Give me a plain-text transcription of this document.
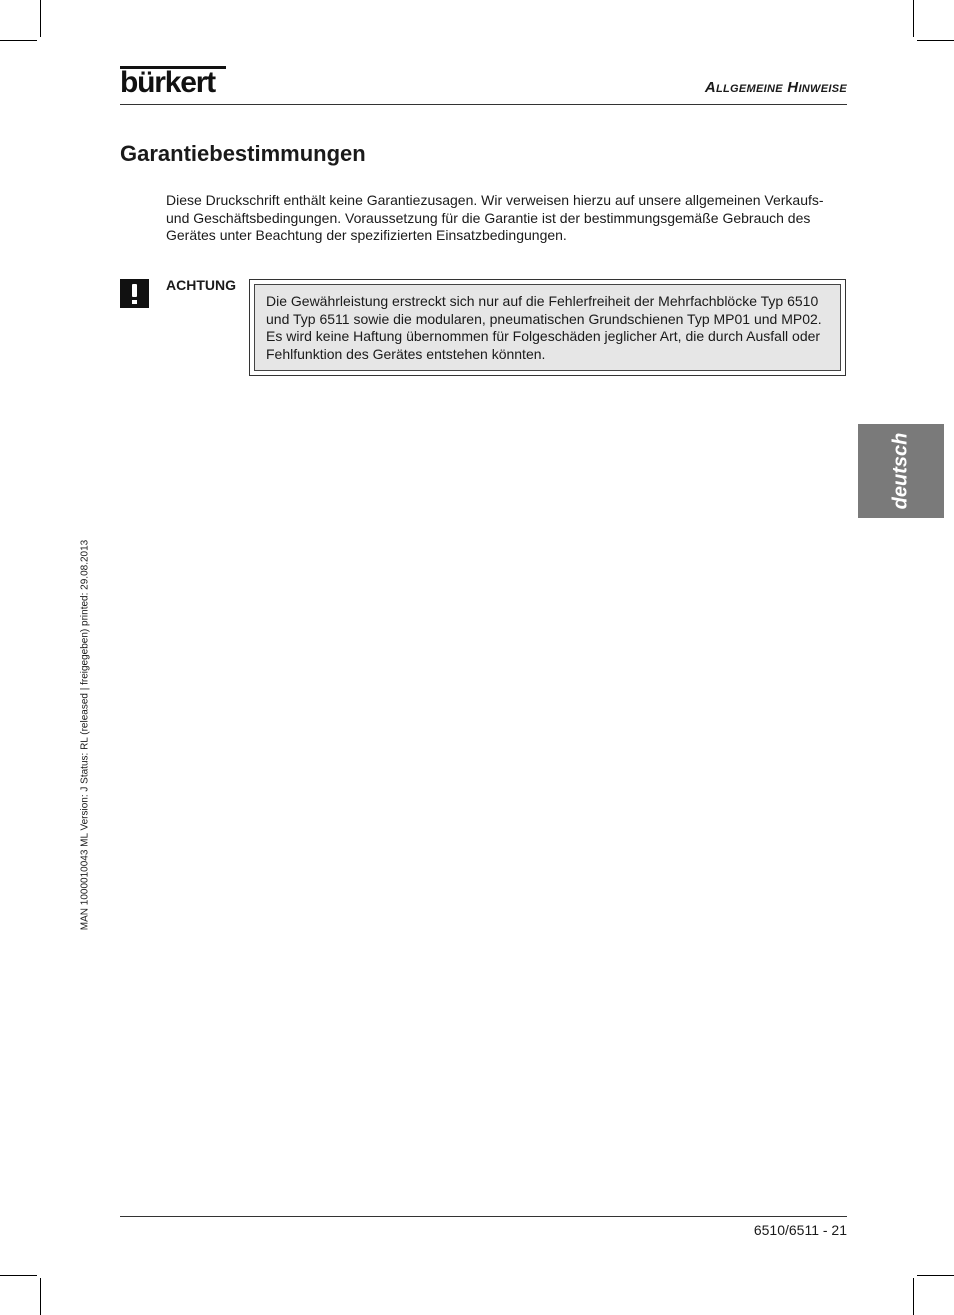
bürkert	Allgemeine Hinweise
Garantiebestimmungen

Diese Druckschrift enthält keine Garantiezusagen. Wir verweisen hierzu auf unsere allgemeinen Verkaufs- und Geschäftsbedingungen. Voraussetzung für die Garantie ist der bestimmungsgemäße Gebrauch des Gerätes unter Beachtung der spezifizierten Einsatzbedingungen.

ACHTUNG

Die Gewährleistung erstreckt sich nur auf die Fehlerfreiheit der Mehrfachblöcke Typ 6510 und Typ 6511 sowie die modularen, pneumatischen Grundschienen Typ MP01 und MP02. Es wird keine Haftung übernommen für Folgeschäden jeglicher Art, die durch Ausfall oder Fehlfunktion des Gerätes entstehen könnten.

deutsch
MAN 1000010043 ML Version: J Status: RL (released | freigegeben) printed: 29.08.2013
6510/6511 - 21
